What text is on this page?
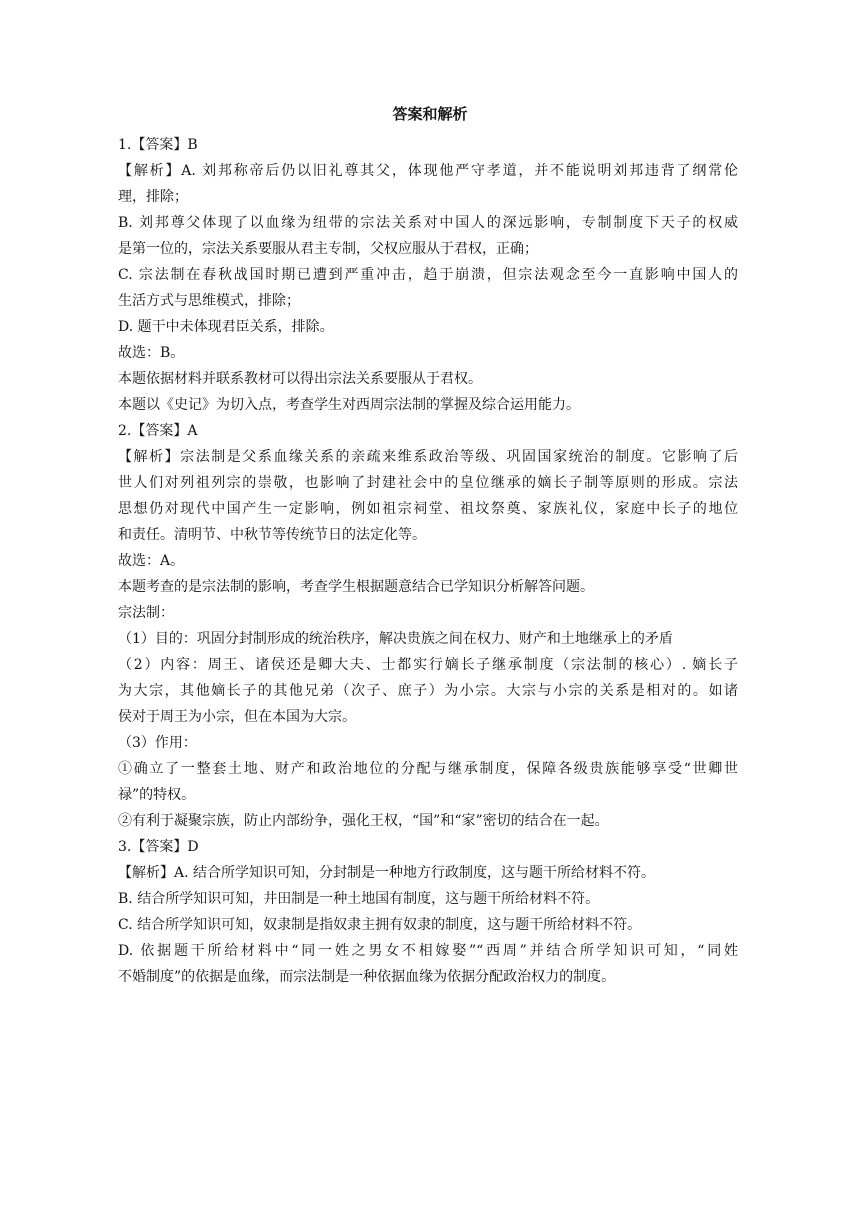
答案和解析
1.【答案】B
【解析】A. 刘邦称帝后仍以旧礼尊其父，体现他严守孝道，并不能说明刘邦违背了纲常伦
理，排除；
B. 刘邦尊父体现了以血缘为纽带的宗法关系对中国人的深远影响，专制制度下天子的权威
是第一位的，宗法关系要服从君主专制，父权应服从于君权，正确；
C. 宗法制在春秋战国时期已遭到严重冲击，趋于崩溃，但宗法观念至今一直影响中国人的
生活方式与思维模式，排除；
D. 题干中未体现君臣关系，排除。
故选：B。
本题依据材料并联系教材可以得出宗法关系要服从于君权。
本题以《史记》为切入点，考查学生对西周宗法制的掌握及综合运用能力。
2.【答案】A
【解析】宗法制是父系血缘关系的亲疏来维系政治等级、巩固国家统治的制度。它影响了后
世人们对列祖列宗的崇敬，也影响了封建社会中的皇位继承的嫡长子制等原则的形成。宗法
思想仍对现代中国产生一定影响，例如祖宗祠堂、祖坟祭奠、家族礼仪，家庭中长子的地位
和责任。清明节、中秋节等传统节日的法定化等。
故选：A。
本题考查的是宗法制的影响，考查学生根据题意结合已学知识分析解答问题。
宗法制：
（1）目的：巩固分封制形成的统治秩序，解决贵族之间在权力、财产和土地继承上的矛盾
（2）内容：周王、诸侯还是卿大夫、士都实行嫡长子继承制度（宗法制的核心）. 嫡长子
为大宗，其他嫡长子的其他兄弟（次子、庶子）为小宗。大宗与小宗的关系是相对的。如诸
侯对于周王为小宗，但在本国为大宗。
（3）作用：
①确立了一整套土地、财产和政治地位的分配与继承制度，保障各级贵族能够享受“世卿世
禄”的特权。
②有利于凝聚宗族，防止内部纷争，强化王权，“国”和“家”密切的结合在一起。
3.【答案】D
【解析】A. 结合所学知识可知，分封制是一种地方行政制度，这与题干所给材料不符。
B. 结合所学知识可知，井田制是一种土地国有制度，这与题干所给材料不符。
C. 结合所学知识可知，奴隶制是指奴隶主拥有奴隶的制度，这与题干所给材料不符。
D. 依据题干所给材料中“同一姓之男女不相嫁娶”“西周”并结合所学知识可知，“同姓
不婚制度”的依据是血缘，而宗法制是一种依据血缘为依据分配政治权力的制度。
